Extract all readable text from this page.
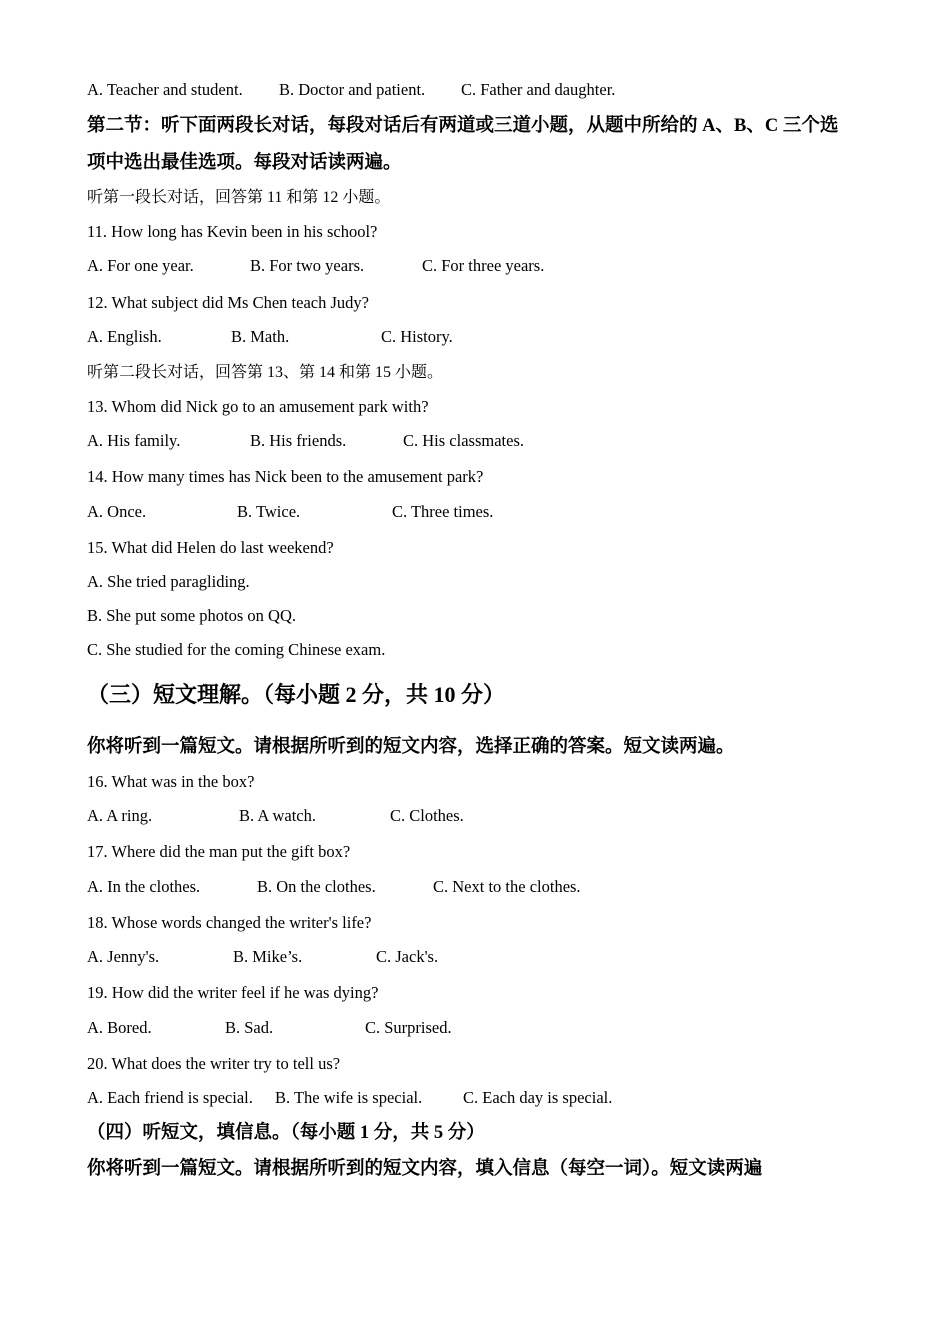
A. Teacher and student. B. Doctor and patient. C. Father and daughter.
第二节：听下面两段长对话，每段对话后有两道或三道小题，从题中所给的 A、B、C 三个选
项中选出最佳选项。每段对话读两遍。
听第一段长对话，回答第 11 和第 12 小题。
11. How long has Kevin been in his school?
A. For one year.	B. For two years.	C. For three years.
12. What subject did Ms Chen teach Judy?
A. English.	B. Math.	C. History.
听第二段长对话，回答第 13、第 14 和第 15 小题。
13. Whom did Nick go to an amusement park with?
A. His family.	B. His friends.	C. His classmates.
14. How many times has Nick been to the amusement park?
A. Once.	B. Twice.	C. Three times.
15. What did Helen do last weekend?
A. She tried paragliding.
B. She put some photos on QQ.
C. She studied for the coming Chinese exam.
（三）短文理解。（每小题 2 分，共 10 分）
你将听到一篇短文。请根据所听到的短文内容，选择正确的答案。短文读两遍。
16. What was in the box?
A. A ring.	B. A watch.	C. Clothes.
17. Where did the man put the gift box?
A. In the clothes.	B. On the clothes.	C. Next to the clothes.
18. Whose words changed the writer's life?
A. Jenny's.	B. Mike’s.	C. Jack's.
19. How did the writer feel if he was dying?
A. Bored.	B. Sad.	C. Surprised.
20. What does the writer try to tell us?
A. Each friend is special. B. The wife is special. C. Each day is special.
（四）听短文，填信息。（每小题 1 分，共 5 分）
你将听到一篇短文。请根据所听到的短文内容，填入信息（每空一词）。短文读两遍
